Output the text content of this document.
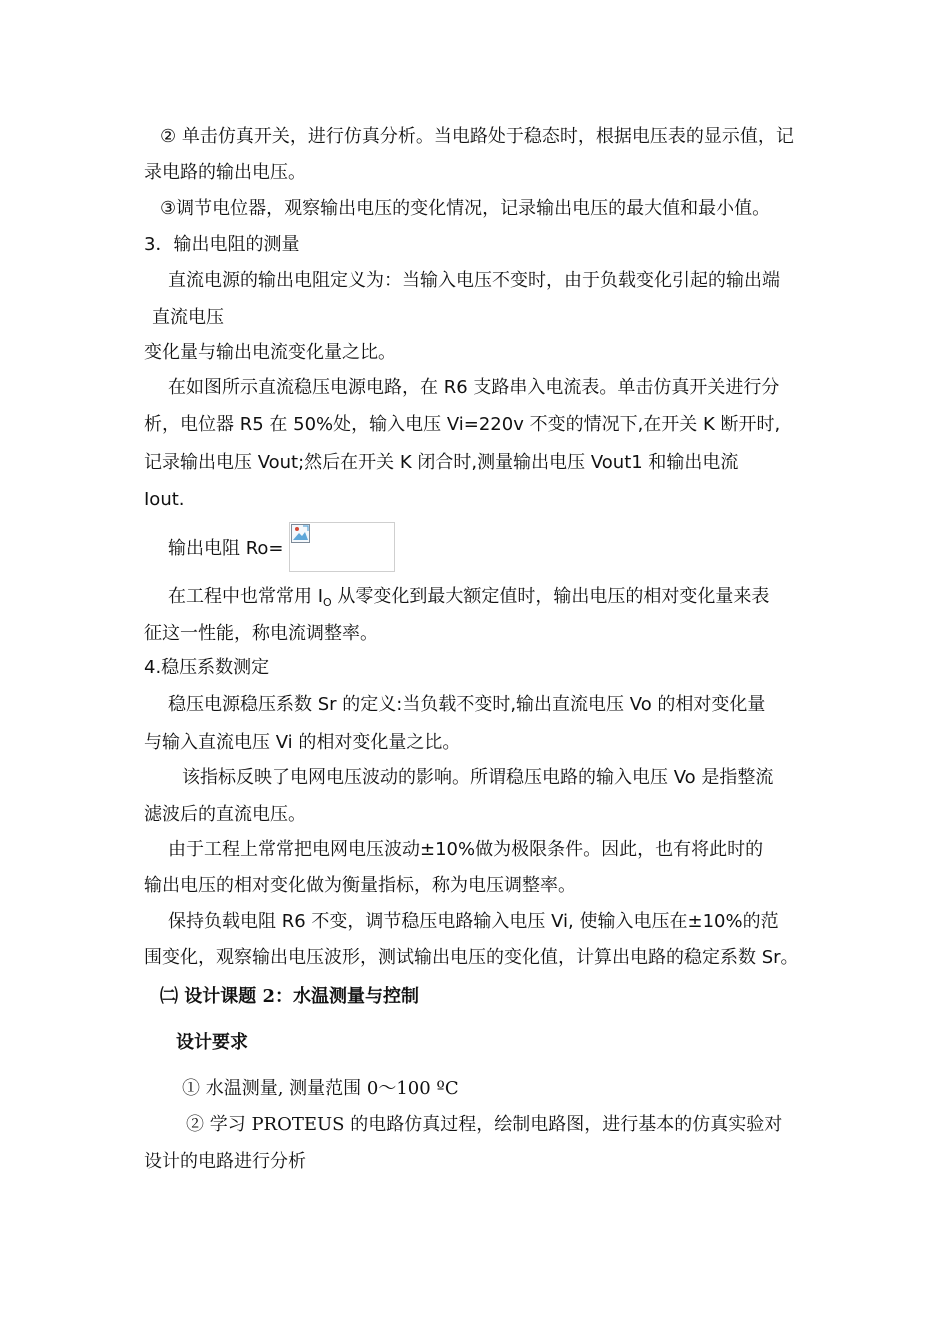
② 单击仿真开关，进行仿真分析。当电路处于稳态时，根据电压表的显示值，记
录电路的输出电压。
③调节电位器，观察输出电压的变化情况，记录输出电压的最大值和最小值。
3．输出电阻的测量
直流电源的输出电阻定义为：当输入电压不变时，由于负载变化引起的输出端
直流电压
变化量与输出电流变化量之比。
在如图所示直流稳压电源电路，在 R6 支路串入电流表。单击仿真开关进行分
析，电位器 R5 在 50%处，输入电压 Vi=220v 不变的情况下,在开关 K 断开时,
记录输出电压 Vout;然后在开关 K 闭合时,测量输出电压 Vout1 和输出电流
Iout.
输出电阻 Ro=
在工程中也常常用 $I_O$ 从零变化到最大额定值时，输出电压的相对变化量来表
征这一性能，称电流调整率。
4.稳压系数测定
稳压电源稳压系数 Sr 的定义:当负载不变时,输出直流电压 Vo 的相对变化量
与输入直流电压 Vi 的相对变化量之比。
该指标反映了电网电压波动的影响。所谓稳压电路的输入电压 Vo 是指整流
滤波后的直流电压。
由于工程上常常把电网电压波动±10%做为极限条件。因此，也有将此时的
输出电压的相对变化做为衡量指标，称为电压调整率。
保持负载电阻 R6 不变，调节稳压电路输入电压 Vi, 使输入电压在±10%的范
围变化，观察输出电压波形，测试输出电压的变化值，计算出电路的稳定系数 Sr。
㈡ 设计课题 2：水温测量与控制
设计要求
① 水温测量, 测量范围 0～100 ºC
② 学习 PROTEUS 的电路仿真过程，绘制电路图，进行基本的仿真实验对
设计的电路进行分析
